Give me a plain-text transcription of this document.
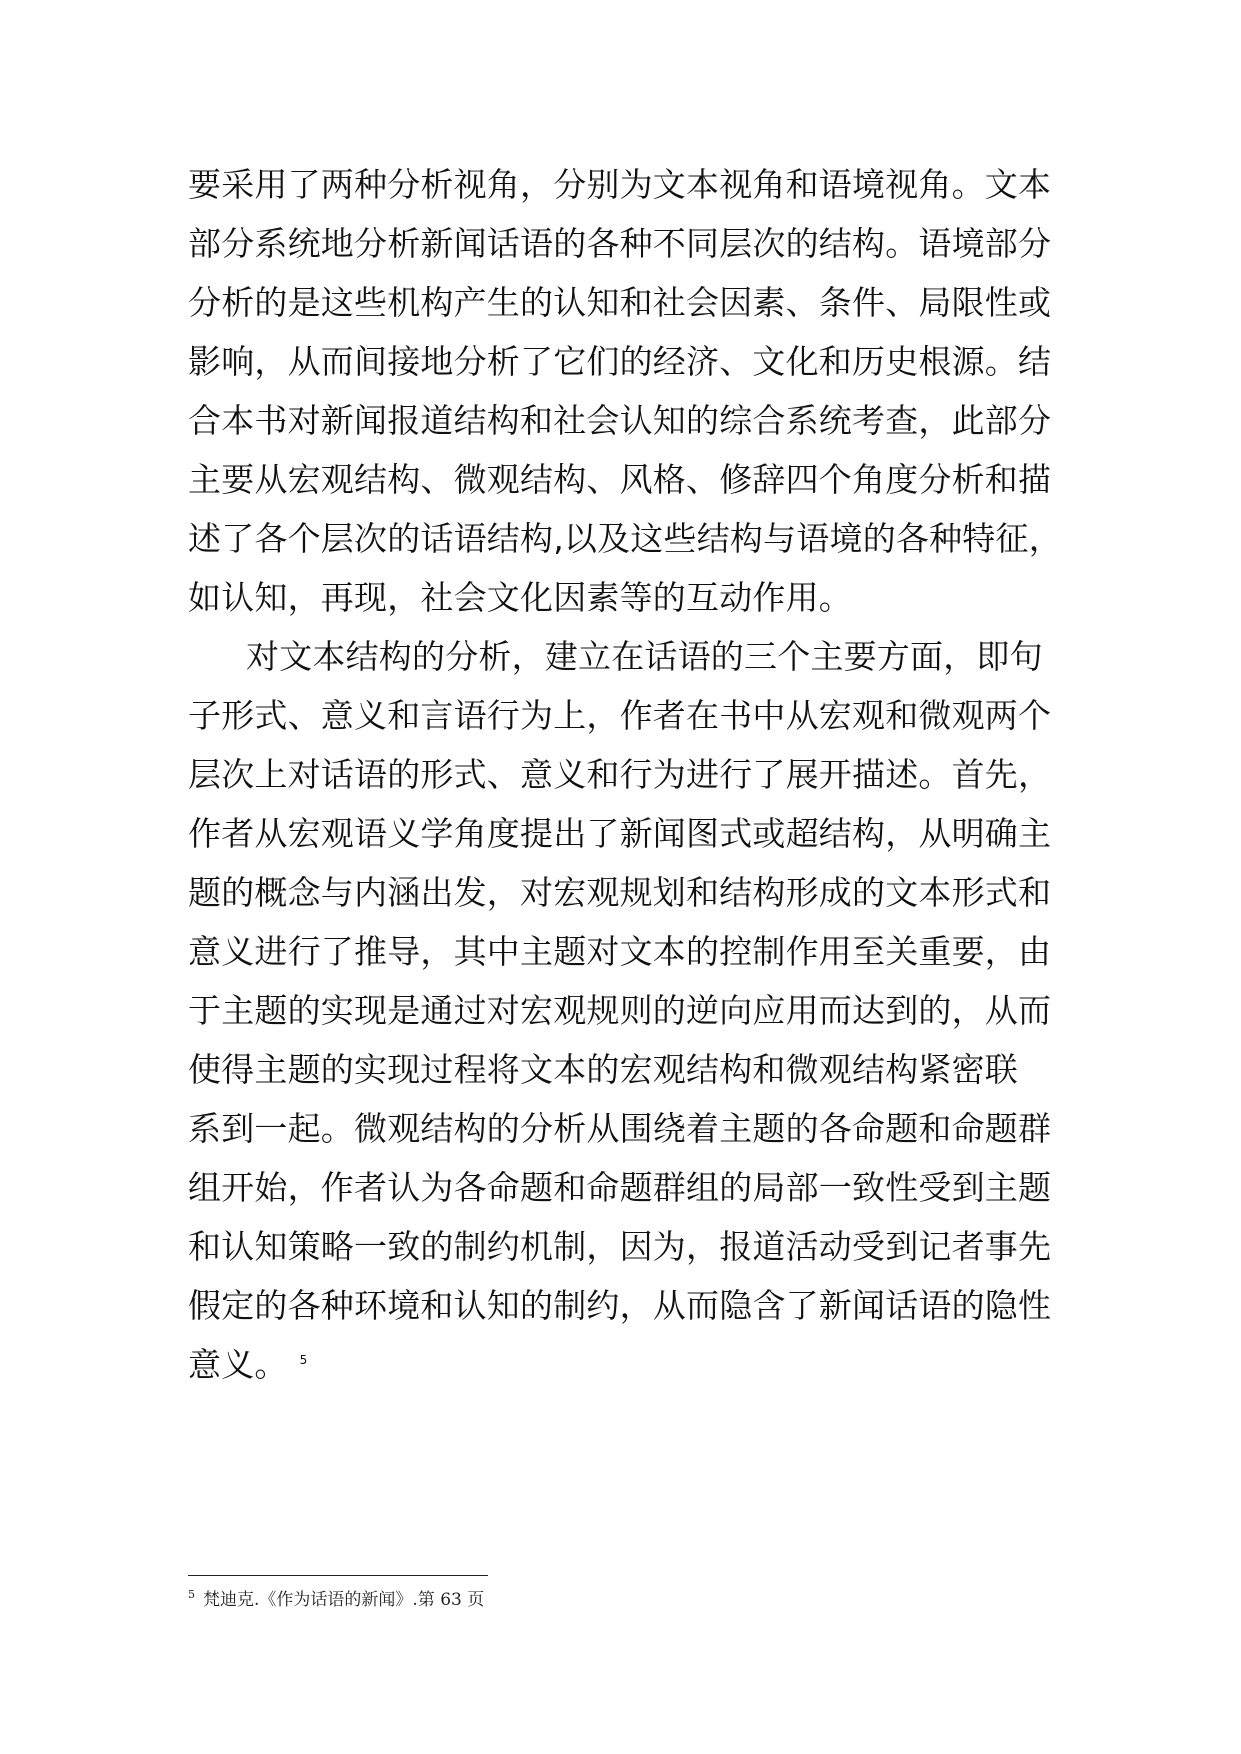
要采用了两种分析视角，分别为文本视角和语境视角。文本
部分系统地分析新闻话语的各种不同层次的结构。语境部分
分析的是这些机构产生的认知和社会因素、条件、局限性或
影响，从而间接地分析了它们的经济、文化和历史根源。结
合本书对新闻报道结构和社会认知的综合系统考查，此部分
主要从宏观结构、微观结构、风格、修辞四个角度分析和描
述了各个层次的话语结构,以及这些结构与语境的各种特征，
如认知，再现，社会文化因素等的互动作用。
对文本结构的分析，建立在话语的三个主要方面，即句
子形式、意义和言语行为上，作者在书中从宏观和微观两个
层次上对话语的形式、意义和行为进行了展开描述。首先，
作者从宏观语义学角度提出了新闻图式或超结构，从明确主
题的概念与内涵出发，对宏观规划和结构形成的文本形式和
意义进行了推导，其中主题对文本的控制作用至关重要，由
于主题的实现是通过对宏观规则的逆向应用而达到的，从而
使得主题的实现过程将文本的宏观结构和微观结构紧密联
系到一起。微观结构的分析从围绕着主题的各命题和命题群
组开始，作者认为各命题和命题群组的局部一致性受到主题
和认知策略一致的制约机制，因为，报道活动受到记者事先
假定的各种环境和认知的制约，从而隐含了新闻话语的隐性
意义。 $^5$
$^5$ 梵迪克.《作为话语的新闻》.第 63 页
